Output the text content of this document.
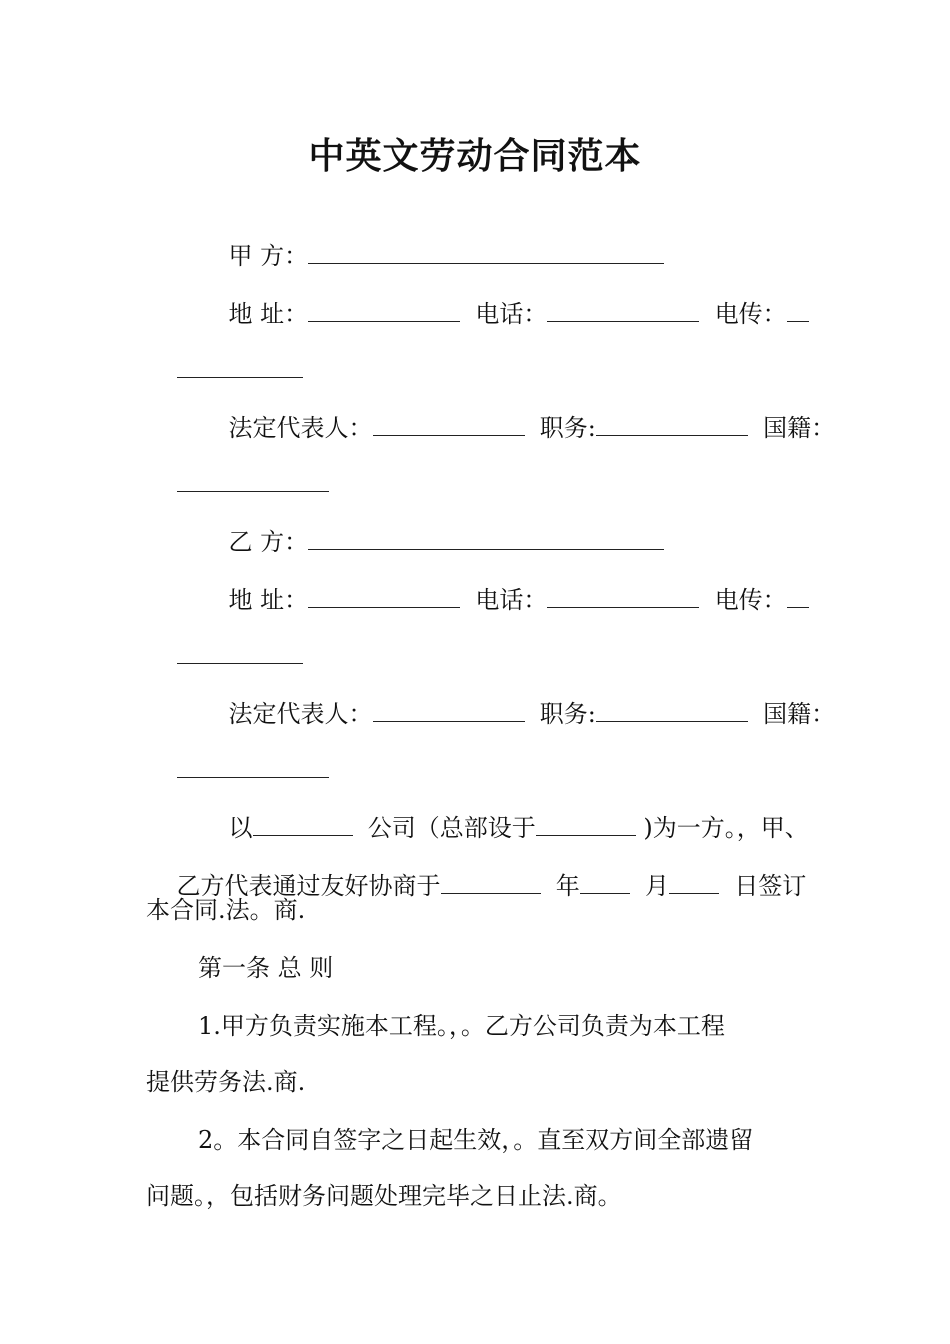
中英文劳动合同范本

甲 方：

地 址：	电话：	电传：

法定代表人：	职务:	国籍：

乙 方：

地 址：	电话：	电传：

法定代表人：	职务:	国籍：

以	公司（总部设于	)为一方。，甲、

乙方代表通过友好协商于	年	月	日签订

本合同.法。商.
第一条 总 则
1.甲方负责实施本工程。，。乙方公司负责为本工程
提供劳务法.商.
2。本合同自签字之日起生效，。直至双方间全部遗留
问题。，包括财务问题处理完毕之日止法.商。
